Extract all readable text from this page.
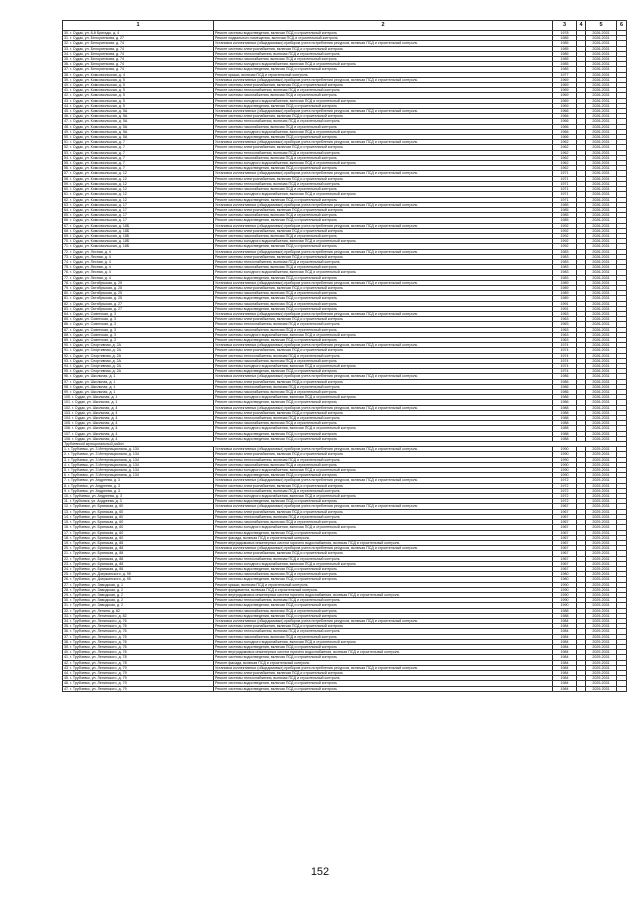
1	2	3	4	5	6
30. г. Судак, ул. 8-й Бригады, д. 4	Ремонт системы водоотведения, включая ПСД и строительный контроль	1978		2026-2031	
31. г. Судак, ул. Белоусенкова, д. 27	Ремонт подвального помещения, включая ПСД и строительный контроль	1985		2026-2031	
32. г. Судак, ул. Белоусенкова, д. 74	Установка коллективных (общедомовых) приборов учета потребления ресурсов, включая ПСД и строительный контроль	1985		2026-2031	
33. г. Судак, ул. Белоусенкова, д. 74	Ремонт системы электроснабжения, включая ПСД и строительный контроль	1985		2026-2031	
34. г. Судак, ул. Белоусенкова, д. 74	Ремонт системы теплоснабжения, включая ПСД и строительный контроль	1985		2026-2031	
35. г. Судак, ул. Белоусенкова, д. 74	Ремонт системы газоснабжения, включая ПСД и строительный контроль	1985		2026-2031	
36. г. Судак, ул. Белоусенкова, д. 74	Ремонт системы холодного водоснабжения, включая ПСД и строительный контроль	1985		2026-2031	
37. г. Судак, ул. Белоусенкова, д. 74	Ремонт системы водоотведения, включая ПСД и строительный контроль	1985		2026-2031	
38. г. Судак, ул. Комсомольская, д. 4	Ремонт крыши, включая ПСД и строительный контроль	1977		2026-2031	
39. г. Судак, ул. Комсомольская, д. 5	Установка коллективных (общедомовых) приборов учета потребления ресурсов, включая ПСД и строительный контроль	1969		2026-2031	
40. г. Судак, ул. Комсомольская, д. 5	Ремонт системы электроснабжения, включая ПСД и строительный контроль	1969		2026-2031	
41. г. Судак, ул. Комсомольская, д. 5	Ремонт системы теплоснабжения, включая ПСД и строительный контроль	1969		2026-2031	
42. г. Судак, ул. Комсомольская, д. 5	Ремонт системы газоснабжения, включая ПСД и строительный контроль	1969		2026-2031	
43. г. Судак, ул. Комсомольская, д. 5	Ремонт системы холодного водоснабжения, включая ПСД и строительный контроль	1969		2026-2031	
44. г. Судак, ул. Комсомольская, д. 5	Ремонт системы водоотведения, включая ПСД и строительный контроль	1969		2026-2031	
45. г. Судак, ул. Комсомольская, д. 5А	Установка коллективных (общедомовых) приборов учета потребления ресурсов, включая ПСД и строительный контроль	1966		2026-2031	
46. г. Судак, ул. Комсомольская, д. 5А	Ремонт системы электроснабжения, включая ПСД и строительный контроль	1966		2026-2031	
47. г. Судак, ул. Комсомольская, д. 5А	Ремонт системы теплоснабжения, включая ПСД и строительный контроль	1966		2026-2031	
48. г. Судак, ул. Комсомольская, д. 5А	Ремонт системы газоснабжения, включая ПСД и строительный контроль	1966		2026-2031	
49. г. Судак, ул. Комсомольская, д. 5А	Ремонт системы холодного водоснабжения, включая ПСД и строительный контроль	1966		2026-2031	
50. г. Судак, ул. Комсомольская, д. 5А	Ремонт системы водоотведения, включая ПСД и строительный контроль	1966		2026-2031	
51. г. Судак, ул. Комсомольская, д. 7	Установка коллективных (общедомовых) приборов учета потребления ресурсов, включая ПСД и строительный контроль	1962		2026-2031	
52. г. Судак, ул. Комсомольская, д. 7	Ремонт системы электроснабжения, включая ПСД и строительный контроль	1962		2026-2031	
53. г. Судак, ул. Комсомольская, д. 7	Ремонт системы теплоснабжения, включая ПСД и строительный контроль	1962		2026-2031	
54. г. Судак, ул. Комсомольская, д. 7	Ремонт системы газоснабжения, включая ПСД и строительный контроль	1962		2026-2031	
55. г. Судак, ул. Комсомольская, д. 7	Ремонт системы холодного водоснабжения, включая ПСД и строительный контроль	1962		2026-2031	
56. г. Судак, ул. Комсомольская, д. 7	Ремонт системы водоотведения, включая ПСД и строительный контроль	1962		2026-2031	
57. г. Судак, ул. Комсомольская, д. 12	Установка коллективных (общедомовых) приборов учета потребления ресурсов, включая ПСД и строительный контроль	1971		2026-2031	
58. г. Судак, ул. Комсомольская, д. 12	Ремонт системы электроснабжения, включая ПСД и строительный контроль	1971		2026-2031	
59. г. Судак, ул. Комсомольская, д. 12	Ремонт системы теплоснабжения, включая ПСД и строительный контроль	1971		2026-2031	
60. г. Судак, ул. Комсомольская, д. 12	Ремонт системы газоснабжения, включая ПСД и строительный контроль	1971		2026-2031	
61. г. Судак, ул. Комсомольская, д. 12	Ремонт системы холодного водоснабжения, включая ПСД и строительный контроль	1971		2026-2031	
62. г. Судак, ул. Комсомольская, д. 12	Ремонт системы водоотведения, включая ПСД и строительный контроль	1971		2026-2031	
63. г. Судак, ул. Комсомольская, д. 17	Установка коллективных (общедомовых) приборов учета потребления ресурсов, включая ПСД и строительный контроль	1985		2026-2031	
64. г. Судак, ул. Комсомольская, д. 17	Ремонт системы электроснабжения, включая ПСД и строительный контроль	1985		2026-2031	
65. г. Судак, ул. Комсомольская, д. 17	Ремонт системы газоснабжения, включая ПСД и строительный контроль	1985		2026-2031	
66. г. Судак, ул. Комсомольская, д. 17	Ремонт системы водоотведения, включая ПСД и строительный контроль	1985		2026-2031	
67. г. Судак, ул. Комсомольская, д. 18Б	Установка коллективных (общедомовых) приборов учета потребления ресурсов, включая ПСД и строительный контроль	1992		2026-2031	
68. г. Судак, ул. Комсомольская, д. 18Б	Ремонт системы электроснабжения, включая ПСД и строительный контроль	1992		2026-2031	
69. г. Судак, ул. Комсомольская, д. 18Б	Ремонт системы газоснабжения, включая ПСД и строительный контроль	1992		2026-2031	
70. г. Судак, ул. Комсомольская, д. 18Б	Ремонт системы холодного водоснабжения, включая ПСД и строительный контроль	1992		2026-2031	
71. г. Судак, ул. Комсомольская, д. 18Б	Ремонт системы водоотведения, включая ПСД и строительный контроль	1992		2026-2031	
72. г. Судак, ул. Лесная, д. 4	Установка коллективных (общедомовых) приборов учета потребления ресурсов, включая ПСД и строительный контроль	1983		2026-2031	
73. г. Судак, ул. Лесная, д. 4	Ремонт системы электроснабжения, включая ПСД и строительный контроль	1983		2026-2031	
74. г. Судак, ул. Лесная, д. 4	Ремонт системы теплоснабжения, включая ПСД и строительный контроль	1983		2026-2031	
75. г. Судак, ул. Лесная, д. 4	Ремонт системы газоснабжения, включая ПСД и строительный контроль	1983		2026-2031	
76. г. Судак, ул. Лесная, д. 4	Ремонт системы холодного водоснабжения, включая ПСД и строительный контроль	1983		2026-2031	
77. г. Судак, ул. Лесная, д. 4	Ремонт системы водоотведения, включая ПСД и строительный контроль	1983		2026-2031	
78. г. Судак, ул. Октябрьская, д. 25	Установка коллективных (общедомовых) приборов учета потребления ресурсов, включая ПСД и строительный контроль	1989		2026-2031	
79. г. Судак, ул. Октябрьская, д. 25	Ремонт системы электроснабжения, включая ПСД и строительный контроль	1989		2026-2031	
80. г. Судак, ул. Октябрьская, д. 25	Ремонт системы газоснабжения, включая ПСД и строительный контроль	1989		2026-2031	
81. г. Судак, ул. Октябрьская, д. 25	Ремонт системы водоотведения, включая ПСД и строительный контроль	1989		2026-2031	
82. г. Судак, ул. Октябрьская, д. 27	Ремонт системы газоснабжения, включая ПСД и строительный контроль	1991		2026-2031	
83. г. Судак, ул. Октябрьская, д. 27	Ремонт системы водоотведения, включая ПСД и строительный контроль	1991		2026-2031	
84. г. Судак, ул. Советская, д. 3	Установка коллективных (общедомовых) приборов учета потребления ресурсов, включая ПСД и строительный контроль	1963		2026-2031	
85. г. Судак, ул. Советская, д. 3	Ремонт системы электроснабжения, включая ПСД и строительный контроль	1963		2026-2031	
86. г. Судак, ул. Советская, д. 3	Ремонт системы теплоснабжения, включая ПСД и строительный контроль	1963		2026-2031	
87. г. Судак, ул. Советская, д. 3	Ремонт системы газоснабжения, включая ПСД и строительный контроль	1963		2026-2031	
88. г. Судак, ул. Советская, д. 3	Ремонт системы холодного водоснабжения, включая ПСД и строительный контроль	1963		2026-2031	
89. г. Судак, ул. Советская, д. 3	Ремонт системы водоотведения, включая ПСД и строительный контроль	1963		2026-2031	
90. г. Судак, ул. Спортивная, д. 2А	Установка коллективных (общедомовых) приборов учета потребления ресурсов, включая ПСД и строительный контроль	1974		2026-2031	
91. г. Судак, ул. Спортивная, д. 2А	Ремонт системы электроснабжения, включая ПСД и строительный контроль	1974		2026-2031	
92. г. Судак, ул. Спортивная, д. 2А	Ремонт системы теплоснабжения, включая ПСД и строительный контроль	1974		2026-2031	
93. г. Судак, ул. Спортивная, д. 2А	Ремонт системы газоснабжения, включая ПСД и строительный контроль	1974		2026-2031	
94. г. Судак, ул. Спортивная, д. 2А	Ремонт системы холодного водоснабжения, включая ПСД и строительный контроль	1974		2026-2031	
95. г. Судак, ул. Спортивная, д. 2А	Ремонт системы водоотведения, включая ПСД и строительный контроль	1974		2026-2031	
96. г. Судак, ул. Школьная, д. 1	Установка коллективных (общедомовых) приборов учета потребления ресурсов, включая ПСД и строительный контроль	1986		2026-2031	
97. г. Судак, ул. Школьная, д. 1	Ремонт системы электроснабжения, включая ПСД и строительный контроль	1986		2026-2031	
98. г. Судак, ул. Школьная, д. 1	Ремонт системы теплоснабжения, включая ПСД и строительный контроль	1986		2026-2031	
99. г. Судак, ул. Школьная, д. 1	Ремонт системы газоснабжения, включая ПСД и строительный контроль	1986		2026-2031	
100. г. Судак, ул. Школьная, д. 1	Ремонт системы холодного водоснабжения, включая ПСД и строительный контроль	1986		2026-2031	
101. г. Судак, ул. Школьная, д. 1	Ремонт системы водоотведения, включая ПСД и строительный контроль	1986		2026-2031	
102. г. Судак, ул. Школьная, д. 4	Установка коллективных (общедомовых) приборов учета потребления ресурсов, включая ПСД и строительный контроль	1988		2026-2031	
103. г. Судак, ул. Школьная, д. 4	Ремонт системы электроснабжения, включая ПСД и строительный контроль	1988		2026-2031	
104. г. Судак, ул. Школьная, д. 4	Ремонт системы теплоснабжения, включая ПСД и строительный контроль	1988		2026-2031	
105. г. Судак, ул. Школьная, д. 4	Ремонт системы газоснабжения, включая ПСД и строительный контроль	1988		2026-2031	
106. г. Судак, ул. Школьная, д. 4	Ремонт системы холодного водоснабжения, включая ПСД и строительный контроль	1988		2026-2031	
107. г. Судак, ул. Школьная, д. 4	Ремонт системы водоотведения, включая ПСД и строительный контроль	1988		2026-2031	
108. г. Судак, ул. Школьная, д. 4	Ремонт системы водоотведения, включая ПСД и строительный контроль	1988		2026-2031	
Трубчевский муниципальный район					
1. г. Трубчевск, ул. 3 Интернационала, д. 134	Установка коллективных (общедомовых) приборов учета потребления ресурсов, включая ПСД и строительный контроль	1990		2029-2031	
2. г. Трубчевск, ул. 3 Интернационала, д. 134	Ремонт системы электроснабжения, включая ПСД и строительный контроль	1990		2029-2031	
3. г. Трубчевск, ул. 3 Интернационала, д. 134	Ремонт системы теплоснабжения, включая ПСД и строительный контроль	1990		2029-2031	
4. г. Трубчевск, ул. 3 Интернационала, д. 134	Ремонт системы газоснабжения, включая ПСД и строительный контроль	1990		2029-2031	
5. г. Трубчевск, ул. 3 Интернационала, д. 134	Ремонт системы холодного водоснабжения, включая ПСД и строительный контроль	1990		2029-2031	
6. г. Трубчевск, ул. 3 Интернационала, д. 134	Ремонт системы водоотведения, включая ПСД и строительный контроль	1990		2029-2031	
7. г. Трубчевск, ул. Андреева, д. 3	Установка коллективных (общедомовых) приборов учета потребления ресурсов, включая ПСД и строительный контроль	1972		2029-2031	
8. г. Трубчевск, ул. Андреева, д. 3	Ремонт системы электроснабжения, включая ПСД и строительный контроль	1972		2029-2031	
9. г. Трубчевск, ул. Андреева, д. 3	Ремонт системы теплоснабжения, включая ПСД и строительный контроль	1972		2029-2031	
10. г. Трубчевск, ул. Андреева, д. 3	Ремонт системы холодного водоснабжения, включая ПСД и строительный контроль	1972		2029-2031	
11. г. Трубчевск, ул. Андреева, д. 3	Ремонт системы водоотведения, включая ПСД и строительный контроль	1972		2029-2031	
12. г. Трубчевск, ул. Брянская, д. 60	Установка коллективных (общедомовых) приборов учета потребления ресурсов, включая ПСД и строительный контроль	1967		2029-2031	
13. г. Трубчевск, ул. Брянская, д. 60	Ремонт системы электроснабжения, включая ПСД и строительный контроль	1967		2029-2031	
14. г. Трубчевск, ул. Брянская, д. 60	Ремонт системы теплоснабжения, включая ПСД и строительный контроль	1967		2029-2031	
15. г. Трубчевск, ул. Брянская, д. 60	Ремонт системы газоснабжения, включая ПСД и строительный контроль	1967		2029-2031	
16. г. Трубчевск, ул. Брянская, д. 60	Ремонт системы холодного водоснабжения, включая ПСД и строительный контроль	1967		2029-2031	
17. г. Трубчевск, ул. Брянская, д. 60	Ремонт системы водоотведения, включая ПСД и строительный контроль	1967		2029-2031	
18. г. Трубчевск, ул. Брянская, д. 60	Ремонт фасада, включая ПСД и строительный контроль	1967		2029-2031	
19. г. Трубчевск, ул. Брянская, д. 88	Ремонт внутридомовых инженерных систем горячего водоснабжения, включая ПСД и строительный контроль	1967		2029-2031	
20. г. Трубчевск, ул. Брянская, д. 88	Установка коллективных (общедомовых) приборов учета потребления ресурсов, включая ПСД и строительный контроль	1967		2029-2031	
21. г. Трубчевск, ул. Брянская, д. 88	Ремонт системы электроснабжения, включая ПСД и строительный контроль	1967		2029-2031	
22. г. Трубчевск, ул. Брянская, д. 88	Ремонт системы теплоснабжения, включая ПСД и строительный контроль	1967		2029-2031	
23. г. Трубчевск, ул. Брянская, д. 88	Ремонт системы холодного водоснабжения, включая ПСД и строительный контроль	1967		2029-2031	
24. г. Трубчевск, ул. Брянская, д. 88	Ремонт системы водоотведения, включая ПСД и строительный контроль	1967		2029-2031	
25. г. Трубчевск, ул. Дзержинского, д. 95	Ремонт системы газоснабжения, включая ПСД и строительный контроль	1980		2029-2031	
26. г. Трубчевск, ул. Дзержинского, д. 95	Ремонт системы водоотведения, включая ПСД и строительный контроль	1980		2029-2031	
27. г. Трубчевск, ул. Заводская, д. 1	Ремонт крыши, включая ПСД и строительный контроль	1990		2029-2031	
28. г. Трубчевск, ул. Заводская, д. 2	Ремонт фундамента, включая ПСД и строительный контроль	1990		2029-2031	
29. г. Трубчевск, ул. Заводская, д. 2	Ремонт внутридомовых инженерных систем горячего водоснабжения, включая ПСД и строительный контроль	1990		2029-2031	
30. г. Трубчевск, ул. Заводская, д. 2	Ремонт системы теплоснабжения, включая ПСД и строительный контроль	1990		2029-2031	
31. г. Трубчевск, ул. Заводская, д. 2	Ремонт системы водоотведения, включая ПСД и строительный контроль	1990		2029-2031	
32. г. Трубчевск, ул. Ленина, д. 82	Ремонт системы газоснабжения, включая ПСД и строительный контроль	1988		2029-2031	
33. г. Трубчевск, ул. Ленинского, д. 82	Ремонт системы водоотведения, включая ПСД и строительный контроль	1988		2029-2031	
34. г. Трубчевск, ул. Ленинского, д. 76	Установка коллективных (общедомовых) приборов учета потребления ресурсов, включая ПСД и строительный контроль	1984		2029-2031	
35. г. Трубчевск, ул. Ленинского, д. 76	Ремонт системы электроснабжения, включая ПСД и строительный контроль	1984		2029-2031	
36. г. Трубчевск, ул. Ленинского, д. 76	Ремонт системы теплоснабжения, включая ПСД и строительный контроль	1984		2029-2031	
37. г. Трубчевск, ул. Ленинского, д. 76	Ремонт системы газоснабжения, включая ПСД и строительный контроль	1984		2029-2031	
38. г. Трубчевск, ул. Ленинского, д. 76	Ремонт системы холодного водоснабжения, включая ПСД и строительный контроль	1984		2029-2031	
39. г. Трубчевск, ул. Ленинского, д. 76	Ремонт системы водоотведения, включая ПСД и строительный контроль	1984		2029-2031	
40. г. Трубчевск, ул. Ленинского, д. 76	Ремонт внутридомовых инженерных систем горячего водоснабжения, включая ПСД и строительный контроль	1984		2029-2031	
41. г. Трубчевск, ул. Ленинского, д. 78	Ремонт системы водоотведения, включая ПСД и строительный контроль	1984		2029-2031	
42. г. Трубчевск, ул. Ленинского, д. 78	Ремонт фасада, включая ПСД и строительный контроль	1984		2029-2031	
43. г. Трубчевск, ул. Ленинского, д. 79	Установка коллективных (общедомовых) приборов учета потребления ресурсов, включая ПСД и строительный контроль	1984		2029-2031	
44. г. Трубчевск, ул. Ленинского, д. 79	Ремонт системы электроснабжения, включая ПСД и строительный контроль	1984		2029-2031	
45. г. Трубчевск, ул. Ленинского, д. 79	Ремонт системы теплоснабжения, включая ПСД и строительный контроль	1984		2029-2031	
46. г. Трубчевск, ул. Ленинского, д. 79	Ремонт системы водоотведения, включая ПСД и строительный контроль	1984		2029-2031	
47. г. Трубчевск, ул. Ленинского, д. 79	Ремонт системы водоотведения, включая ПСД и строительный контроль	1984		2029-2031	
152
